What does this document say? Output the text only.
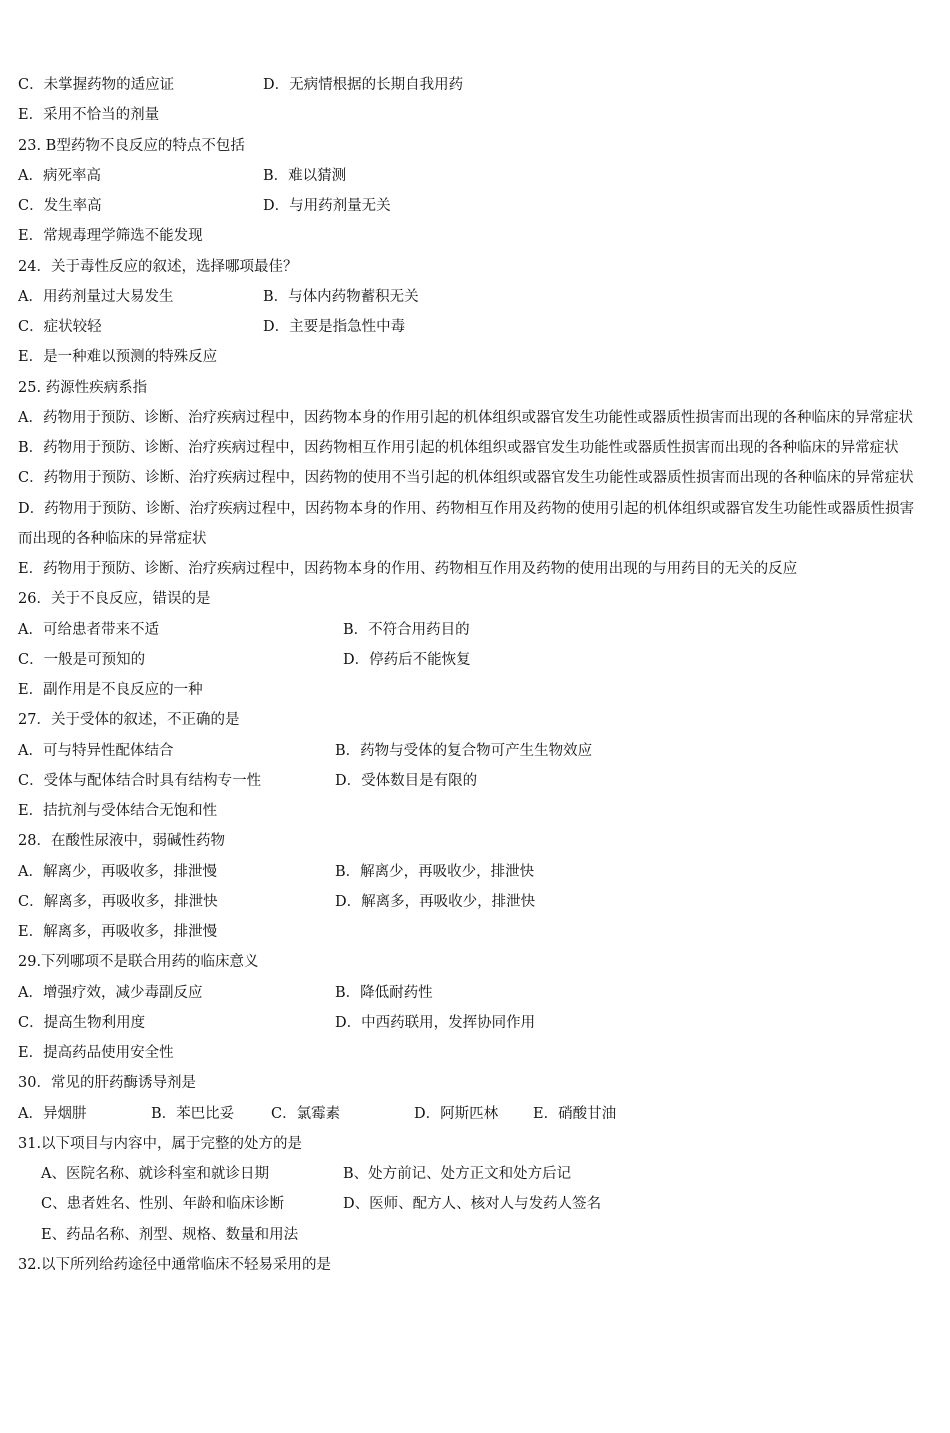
C．未掌握药物的适应证	D．无病情根据的长期自我用药
E．采用不恰当的剂量
23. B型药物不良反应的特点不包括
A．病死率高	B．难以猜测
C．发生率高	D．与用药剂量无关
E．常规毒理学筛选不能发现
24．关于毒性反应的叙述，选择哪项最佳？
A．用药剂量过大易发生	B．与体内药物蓄积无关
C．症状较轻	D．主要是指急性中毒
E．是一种难以预测的特殊反应
25. 药源性疾病系指
A．药物用于预防、诊断、治疗疾病过程中，因药物本身的作用引起的机体组织或器官发生功能性或器质性损害而出现的各种临床的异常症状
B．药物用于预防、诊断、治疗疾病过程中，因药物相互作用引起的机体组织或器官发生功能性或器质性损害而出现的各种临床的异常症状
C．药物用于预防、诊断、治疗疾病过程中，因药物的使用不当引起的机体组织或器官发生功能性或器质性损害而出现的各种临床的异常症状
D．药物用于预防、诊断、治疗疾病过程中，因药物本身的作用、药物相互作用及药物的使用引起的机体组织或器官发生功能性或器质性损害而出现的各种临床的异常症状
E．药物用于预防、诊断、治疗疾病过程中，因药物本身的作用、药物相互作用及药物的使用出现的与用药目的无关的反应
26．关于不良反应，错误的是
A．可给患者带来不适	B．不符合用药目的
C．一般是可预知的	D．停药后不能恢复
E．副作用是不良反应的一种
27．关于受体的叙述，不正确的是
A．可与特异性配体结合	B．药物与受体的复合物可产生生物效应
C．受体与配体结合时具有结构专一性	D．受体数目是有限的
E．拮抗剂与受体结合无饱和性
28．在酸性尿液中，弱碱性药物
A．解离少，再吸收多，排泄慢	B．解离少，再吸收少，排泄快
C．解离多，再吸收多，排泄快	D．解离多，再吸收少，排泄快
E．解离多，再吸收多，排泄慢
29.下列哪项不是联合用药的临床意义
A．增强疗效，减少毒副反应	B．降低耐药性
C．提高生物利用度	D．中西药联用，发挥协同作用
E．提高药品使用安全性
30．常见的肝药酶诱导剂是
A．异烟肼	B．苯巴比妥	C．氯霉素	D．阿斯匹林 E．硝酸甘油
31.以下项目与内容中，属于完整的处方的是
A、医院名称、就诊科室和就诊日期	B、处方前记、处方正文和处方后记
C、患者姓名、性别、年龄和临床诊断	D、医师、配方人、核对人与发药人签名
E、药品名称、剂型、规格、数量和用法
32.以下所列给药途径中通常临床不轻易采用的是
